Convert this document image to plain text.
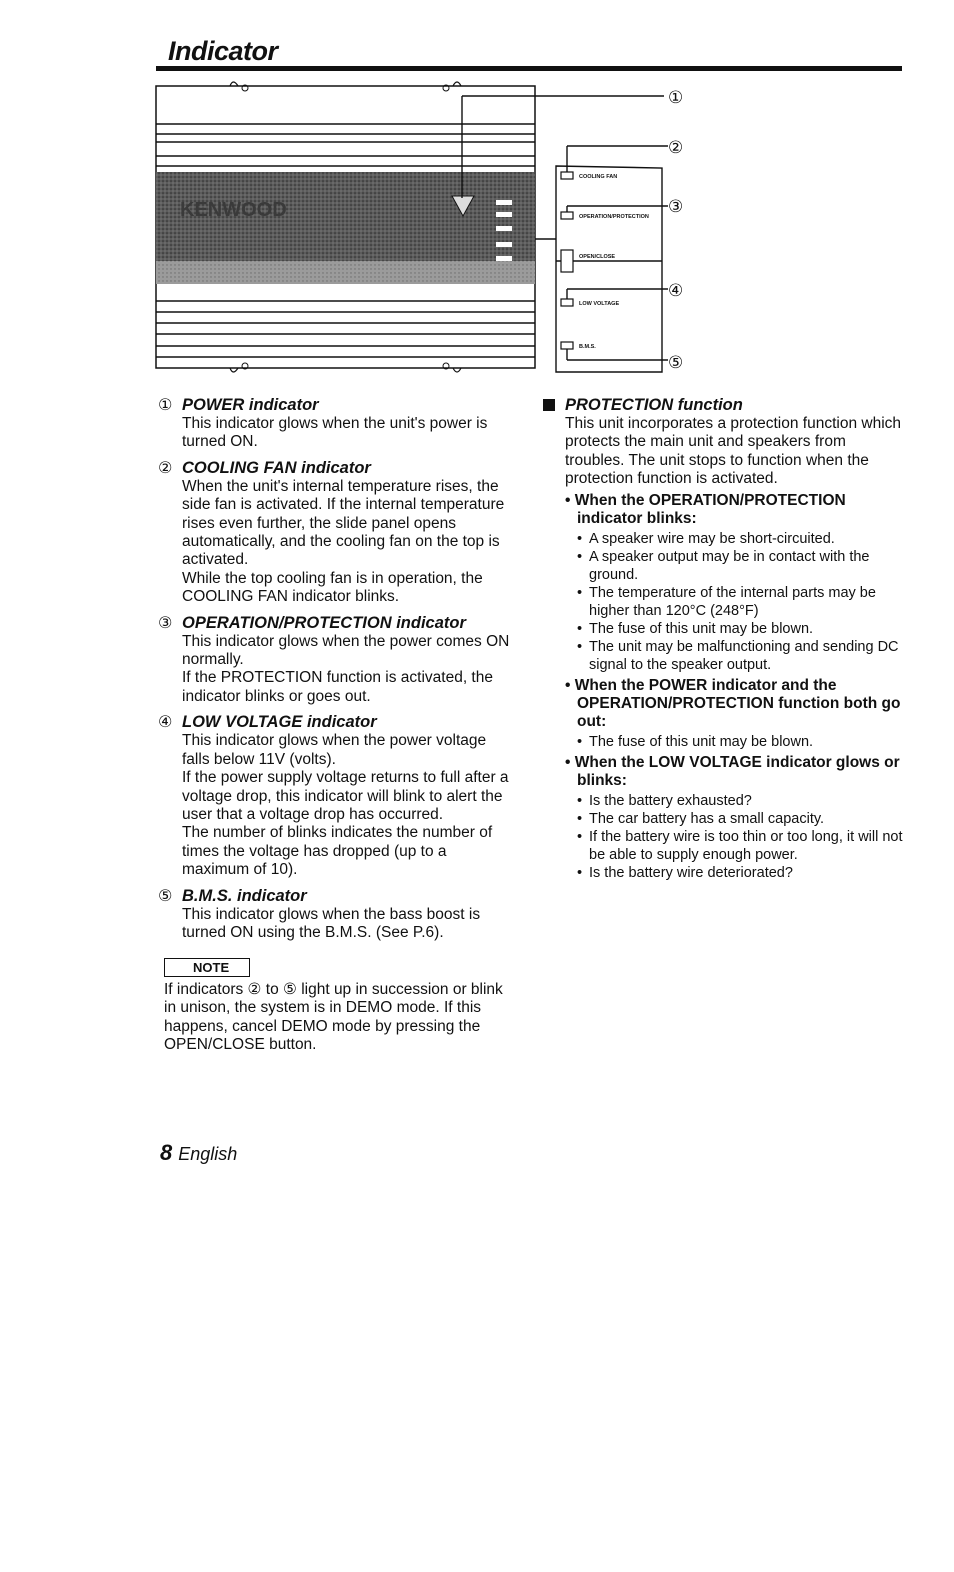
Indicator
KENWOOD
COOLING FAN
OPERATION/PROTECTION
OPEN/CLOSE
LOW VOLTAGE
B.M.S.
①
②
③
④
⑤
① POWER indicator

This indicator glows when the unit's power is turned ON.

② COOLING FAN indicator

When the unit's internal temperature rises, the side fan is activated. If the internal temperature rises even further, the slide panel opens automatically, and the cooling fan on the top is activated.

While the top cooling fan is in operation, the COOLING FAN indicator blinks.

③ OPERATION/PROTECTION indicator

This indicator glows when the power comes ON normally.

If the PROTECTION function is activated, the indicator blinks or goes out.

④ LOW VOLTAGE indicator

This indicator glows when the power voltage falls below 11V (volts).

If the power supply voltage returns to full after a voltage drop, this indicator will blink to alert the user that a voltage drop has occurred.

The number of blinks indicates the number of times the voltage has dropped (up to a maximum of 10).

⑤ B.M.S. indicator

This indicator glows when the bass boost is turned ON using the B.M.S. (See P.6).

NOTE

If indicators ② to ⑤ light up in succession or blink in unison, the system is in DEMO mode. If this happens, cancel DEMO mode by pressing the OPEN/CLOSE button.

PROTECTION function
This unit incorporates a protection function which protects the main unit and speakers from troubles. The unit stops to function when the protection function is activated.
• When the OPERATION/PROTECTION indicator blinks:
• A speaker wire may be short-circuited.
• A speaker output may be in contact with the ground.
• The temperature of the internal parts may be higher than 120°C (248°F)
• The fuse of this unit may be blown.
• The unit may be malfunctioning and sending DC signal to the speaker output.
• When the POWER indicator and the OPERATION/PROTECTION function both go out:
• The fuse of this unit may be blown.
• When the LOW VOLTAGE indicator glows or blinks:
• Is the battery exhausted?
• The car battery has a small capacity.
• If the battery wire is too thin or too long, it will not be able to supply enough power.
• Is the battery wire deteriorated?
8 English
